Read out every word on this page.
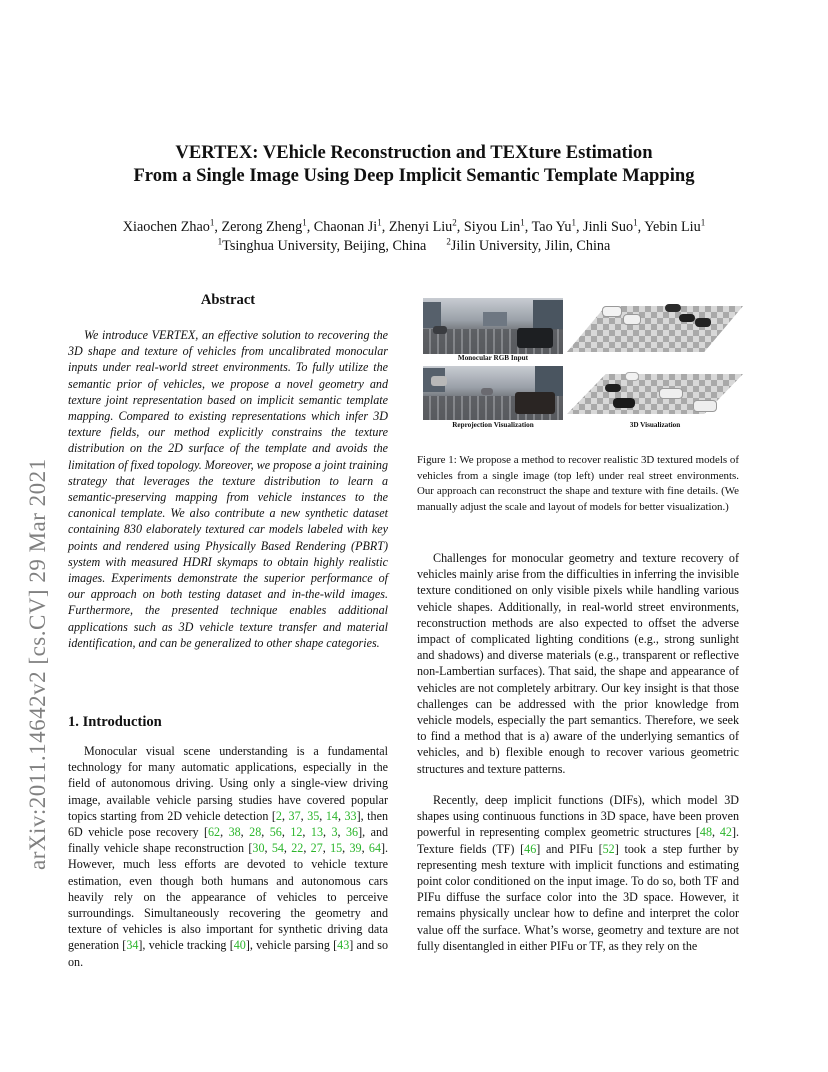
VERTEX: VEhicle Reconstruction and TEXture Estimation
From a Single Image Using Deep Implicit Semantic Template Mapping
Xiaochen Zhao$^1$, Zerong Zheng$^1$, Chaonan Ji$^1$, Zhenyi Liu$^2$, Siyou Lin$^1$, Tao Yu$^1$, Jinli Suo$^1$, Yebin Liu$^1$
$^1$Tsinghua University, Beijing, China $^2$Jilin University, Jilin, China
arXiv:2011.14642v2 [cs.CV] 29 Mar 2021
Abstract
We introduce VERTEX, an effective solution to recovering the 3D shape and texture of vehicles from uncalibrated monocular inputs under real-world street environments. To fully utilize the semantic prior of vehicles, we propose a novel geometry and texture joint representation based on implicit semantic template mapping. Compared to existing representations which infer 3D texture fields, our method explicitly constrains the texture distribution on the 2D surface of the template and avoids the limitation of fixed topology. Moreover, we propose a joint training strategy that leverages the texture distribution to learn a semantic-preserving mapping from vehicle instances to the canonical template. We also contribute a new synthetic dataset containing 830 elaborately textured car models labeled with key points and rendered using Physically Based Rendering (PBRT) system with measured HDRI skymaps to obtain highly realistic images. Experiments demonstrate the superior performance of our approach on both testing dataset and in-the-wild images. Furthermore, the presented technique enables additional applications such as 3D vehicle texture transfer and material identification, and can be generalized to other shape categories.
1. Introduction
Monocular visual scene understanding is a fundamental technology for many automatic applications, especially in the field of autonomous driving. Using only a single-view driving image, available vehicle parsing studies have covered popular topics starting from 2D vehicle detection [2, 37, 35, 14, 33], then 6D vehicle pose recovery [62, 38, 28, 56, 12, 13, 3, 36], and finally vehicle shape reconstruction [30, 54, 22, 27, 15, 39, 64]. However, much less efforts are devoted to vehicle texture estimation, even though both humans and autonomous cars heavily rely on the appearance of vehicles to perceive surroundings. Simultaneously recovering the geometry and texture of vehicles is also important for synthetic driving data generation [34], vehicle tracking [40], vehicle parsing [43] and so on.
Monocular RGB Input
Reprojection Visualization	3D Visualization
Figure 1: We propose a method to recover realistic 3D textured models of vehicles from a single image (top left) under real street environments. Our approach can reconstruct the shape and texture with fine details. (We manually adjust the scale and layout of models for better visualization.)
Challenges for monocular geometry and texture recovery of vehicles mainly arise from the difficulties in inferring the invisible texture conditioned on only visible pixels while handling various vehicle shapes. Additionally, in real-world street environments, reconstruction methods are also expected to offset the adverse impact of complicated lighting conditions (e.g., strong sunlight and shadows) and diverse materials (e.g., transparent or reflective non-Lambertian surfaces). That said, the shape and appearance of vehicles are not completely arbitrary. Our key insight is that those challenges can be addressed with the prior knowledge from vehicle models, especially the part semantics. Therefore, we seek to find a method that is a) aware of the underlying semantics of vehicles, and b) flexible enough to recover various geometric structures and texture patterns.
Recently, deep implicit functions (DIFs), which model 3D shapes using continuous functions in 3D space, have been proven powerful in representing complex geometric structures [48, 42]. Texture fields (TF) [46] and PIFu [52] took a step further by representing mesh texture with implicit functions and estimating point color conditioned on the input image. To do so, both TF and PIFu diffuse the surface color into the 3D space. However, it remains physically unclear how to define and interpret the color value off the surface. What’s worse, geometry and texture are not fully disentangled in either PIFu or TF, as they rely on the
